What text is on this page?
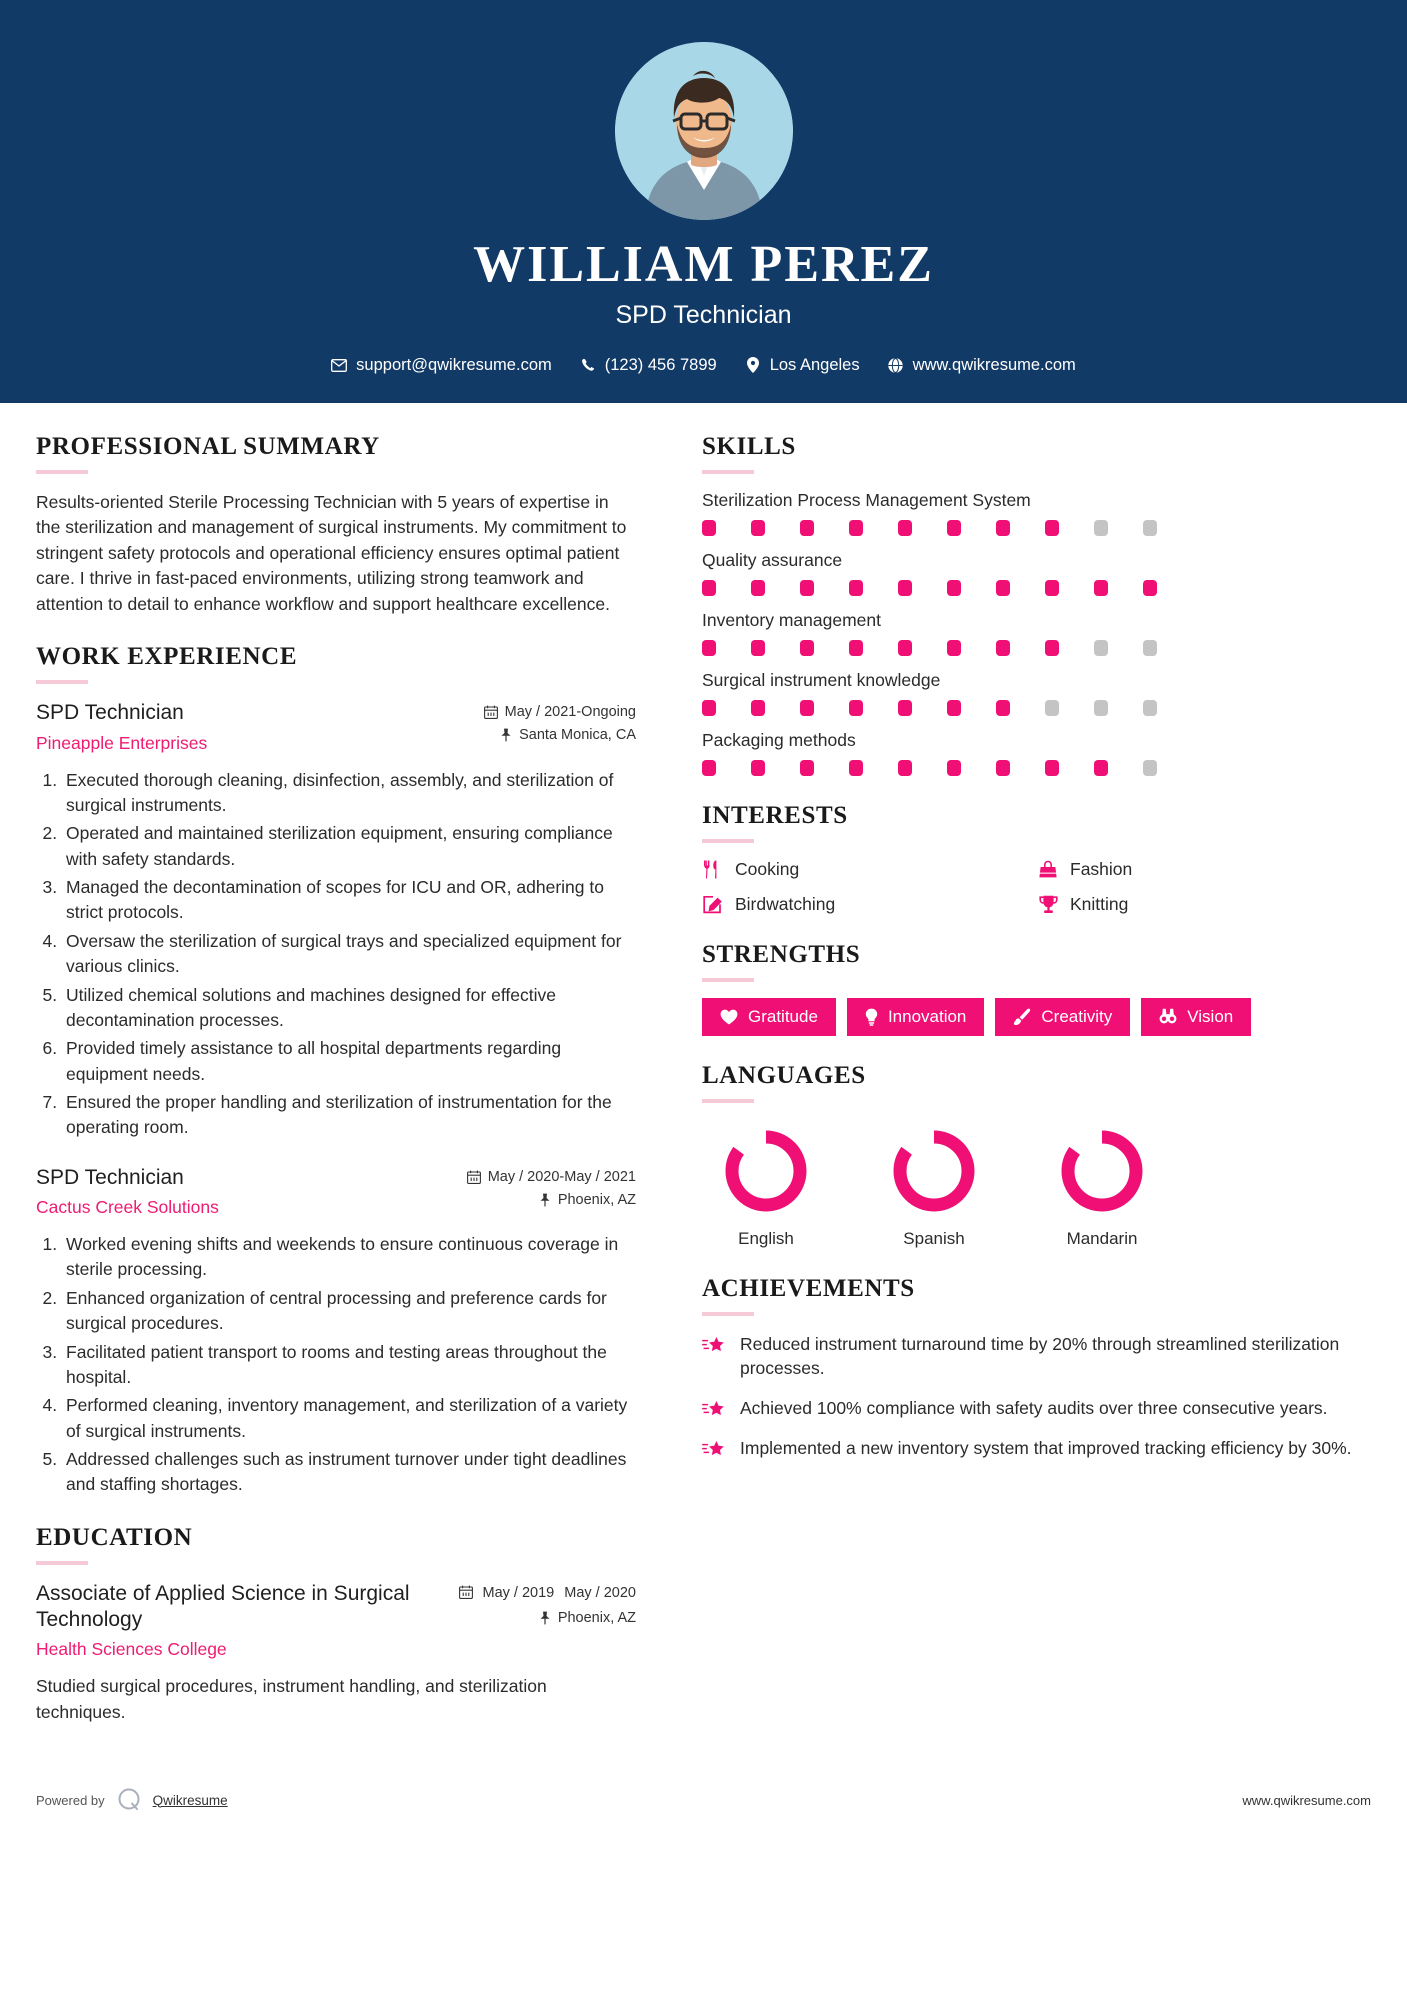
WILLIAM PEREZ
SPD Technician
support@qwikresume.com	(123) 456 7899	Los Angeles	www.qwikresume.com
PROFESSIONAL SUMMARY
Results-oriented Sterile Processing Technician with 5 years of expertise in the sterilization and management of surgical instruments. My commitment to stringent safety protocols and operational efficiency ensures optimal patient care. I thrive in fast-paced environments, utilizing strong teamwork and attention to detail to enhance workflow and support healthcare excellence.
WORK EXPERIENCE
SPD Technician
Pineapple Enterprises
May / 2021-Ongoing
Santa Monica, CA
1. Executed thorough cleaning, disinfection, assembly, and sterilization of surgical instruments.
2. Operated and maintained sterilization equipment, ensuring compliance with safety standards.
3. Managed the decontamination of scopes for ICU and OR, adhering to strict protocols.
4. Oversaw the sterilization of surgical trays and specialized equipment for various clinics.
5. Utilized chemical solutions and machines designed for effective decontamination processes.
6. Provided timely assistance to all hospital departments regarding equipment needs.
7. Ensured the proper handling and sterilization of instrumentation for the operating room.
SPD Technician
Cactus Creek Solutions
May / 2020-May / 2021
Phoenix, AZ
1. Worked evening shifts and weekends to ensure continuous coverage in sterile processing.
2. Enhanced organization of central processing and preference cards for surgical procedures.
3. Facilitated patient transport to rooms and testing areas throughout the hospital.
4. Performed cleaning, inventory management, and sterilization of a variety of surgical instruments.
5. Addressed challenges such as instrument turnover under tight deadlines and staffing shortages.
EDUCATION
Associate of Applied Science in Surgical Technology
Health Sciences College
May / 2019 May / 2020
Phoenix, AZ
Studied surgical procedures, instrument handling, and sterilization techniques.
SKILLS
Sterilization Process Management System
Quality assurance
Inventory management
Surgical instrument knowledge
Packaging methods
INTERESTS
Cooking	Fashion
Birdwatching	Knitting
STRENGTHS
Gratitude	Innovation	Creativity	Vision
LANGUAGES
English	Spanish	Mandarin
ACHIEVEMENTS
Reduced instrument turnaround time by 20% through streamlined sterilization processes.
Achieved 100% compliance with safety audits over three consecutive years.
Implemented a new inventory system that improved tracking efficiency by 30%.
Powered by	Qwikresume	www.qwikresume.com
